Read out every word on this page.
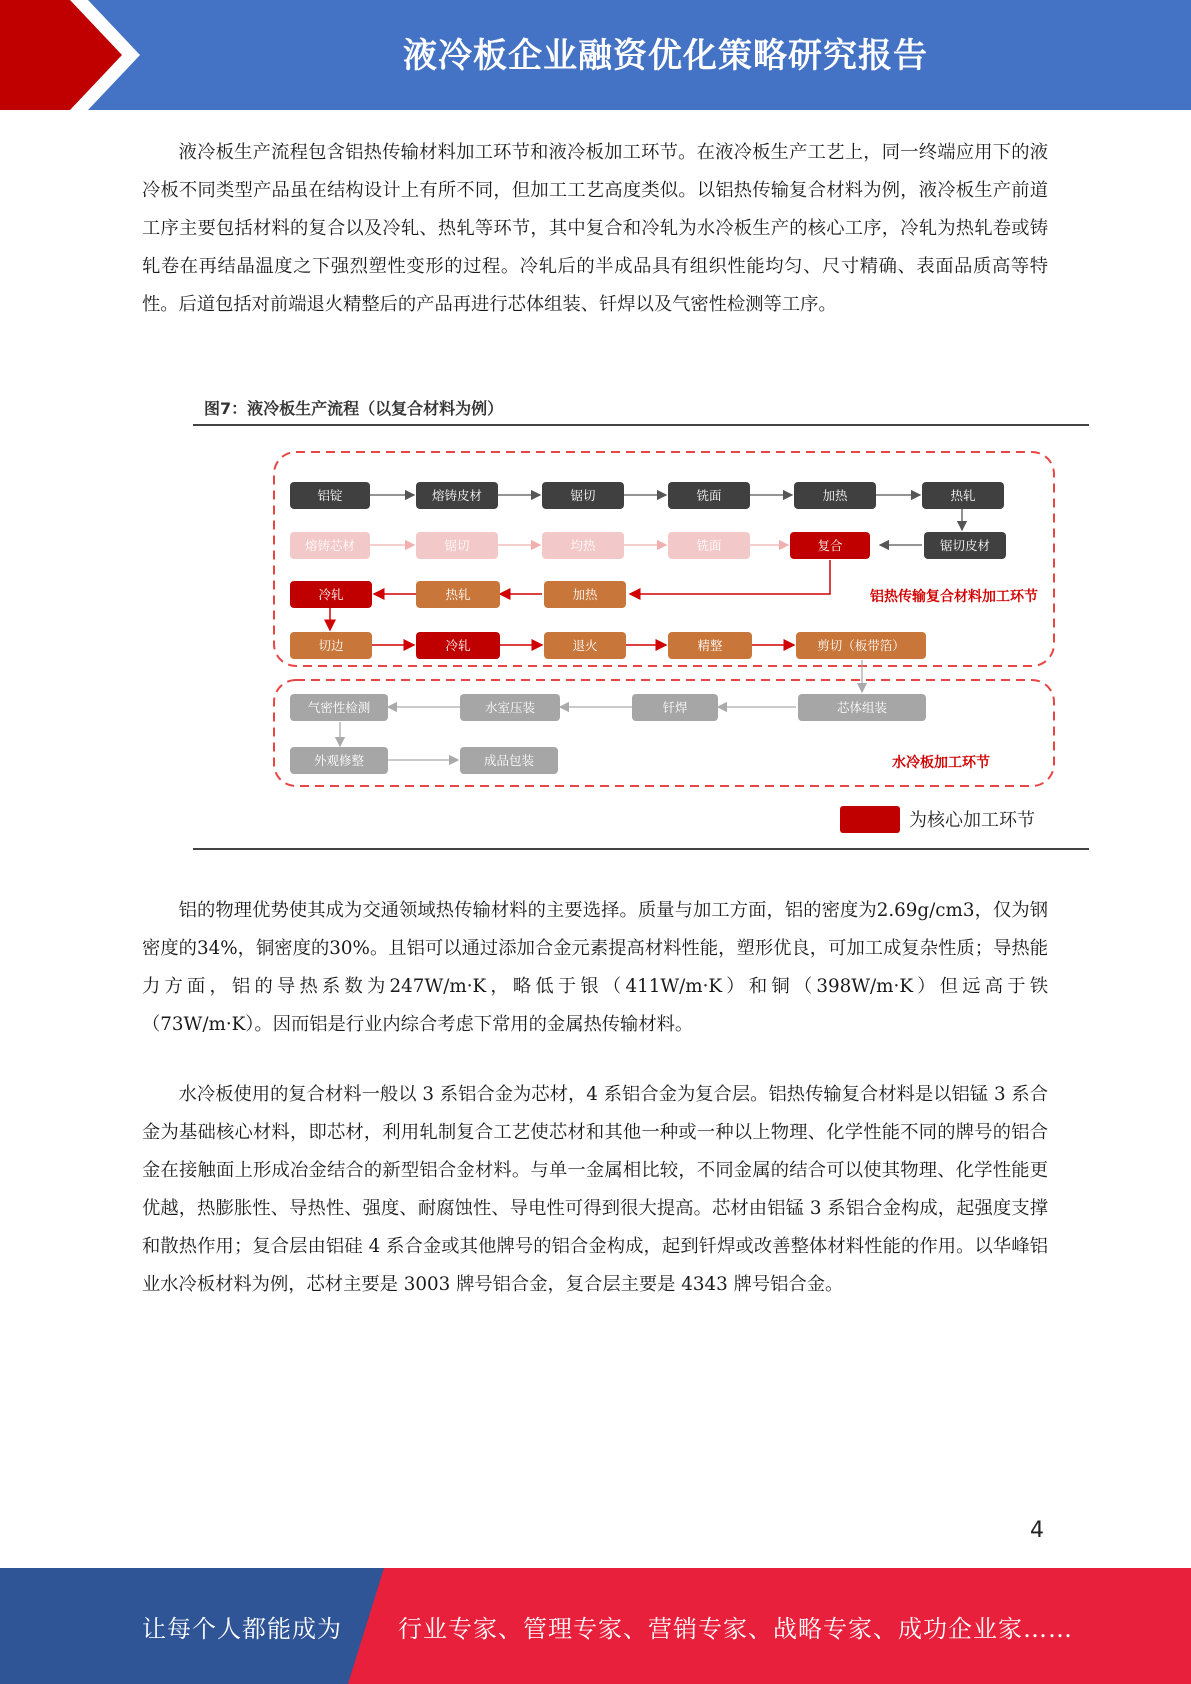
液冷板企业融资优化策略研究报告

液冷板生产流程包含铝热传输材料加工环节和液冷板加工环节。在液冷板生产工艺上，同一终端应用下的液冷板不同类型产品虽在结构设计上有所不同，但加工工艺高度类似。以铝热传输复合材料为例，液冷板生产前道工序主要包括材料的复合以及冷轧、热轧等环节，其中复合和冷轧为水冷板生产的核心工序，冷轧为热轧卷或铸轧卷在再结晶温度之下强烈塑性变形的过程。冷轧后的半成品具有组织性能均匀、尺寸精确、表面品质高等特性。后道包括对前端退火精整后的产品再进行芯体组装、钎焊以及气密性检测等工序。

图7：液冷板生产流程（以复合材料为例）
铝锭	熔铸皮材	锯切	铣面	加热	热轧
熔铸芯材	锯切	均热	铣面	复合	锯切皮材
冷轧	热轧	加热	铝热传输复合材料加工环节
切边	冷轧	退火	精整	剪切（板带箔）
气密性检测	水室压装	钎焊	芯体组装
外观修整	成品包装	水冷板加工环节
为核心加工环节

铝的物理优势使其成为交通领域热传输材料的主要选择。质量与加工方面，铝的密度为2.69g/cm3，仅为钢密度的34%，铜密度的30%。且铝可以通过添加合金元素提高材料性能，塑形优良，可加工成复杂性质；导热能力方面，铝的导热系数为247W/m·K，略低于银（411W/m·K）和铜（398W/m·K）但远高于铁（73W/m·K）。因而铝是行业内综合考虑下常用的金属热传输材料。

水冷板使用的复合材料一般以 3 系铝合金为芯材，4 系铝合金为复合层。铝热传输复合材料是以铝锰 3 系合金为基础核心材料，即芯材，利用轧制复合工艺使芯材和其他一种或一种以上物理、化学性能不同的牌号的铝合金在接触面上形成冶金结合的新型铝合金材料。与单一金属相比较，不同金属的结合可以使其物理、化学性能更优越，热膨胀性、导热性、强度、耐腐蚀性、导电性可得到很大提高。芯材由铝锰 3 系铝合金构成，起强度支撑和散热作用；复合层由铝硅 4 系合金或其他牌号的铝合金构成，起到钎焊或改善整体材料性能的作用。以华峰铝业水冷板材料为例，芯材主要是 3003 牌号铝合金，复合层主要是 4343 牌号铝合金。

4
让每个人都能成为 行业专家、管理专家、营销专家、战略专家、成功企业家……
